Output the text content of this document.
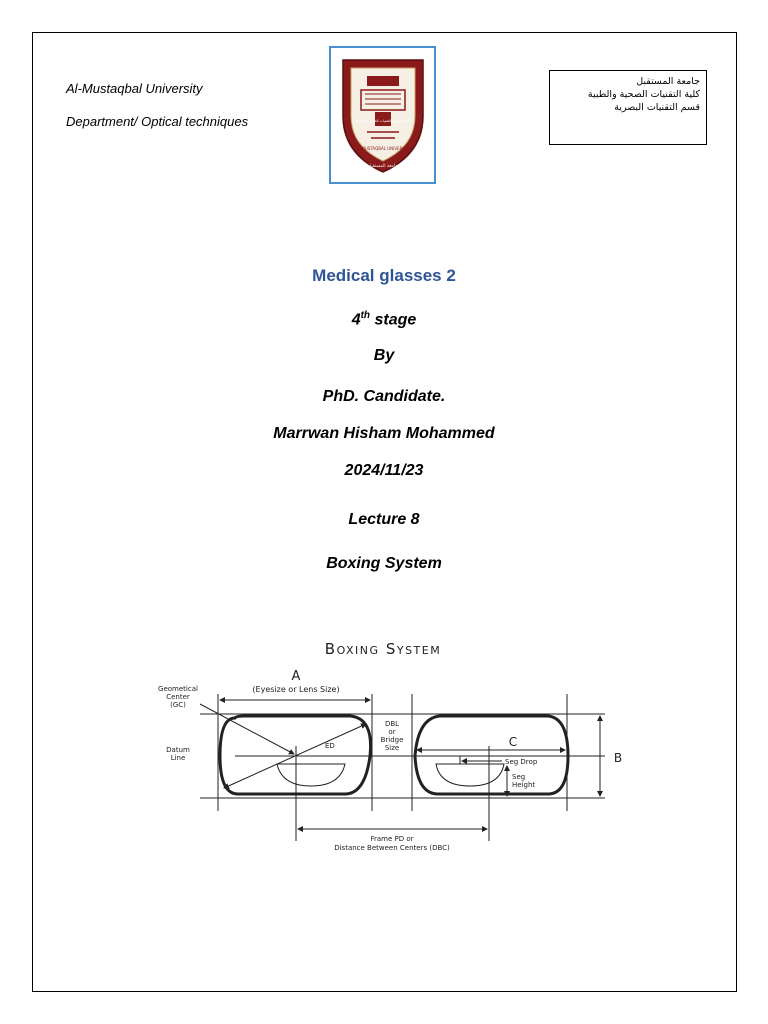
Al-Mustaqbal University
Department/ Optical techniques	كلية العلوم والتقنيات الطبية والصحية
AL-MUSTAQBAL UNIVERSITY
جامعة المستقبل
جامعة المستقبل
كلية التقنيات الصحية والطبية
قسم التقنيات البصرية
Medical glasses 2
4th stage
By
PhD. Candidate.
Marrwan Hisham Mohammed
2024/11/23
Lecture 8
Boxing System
Boxing System
A
(Eyesize or Lens Size)
Geometical
Center
(GC)
Datum
Line
ED
DBL
or
Bridge
Size	C
B
Seg Drop
Seg
Height
Frame PD or
Distance Between Centers (DBC)
